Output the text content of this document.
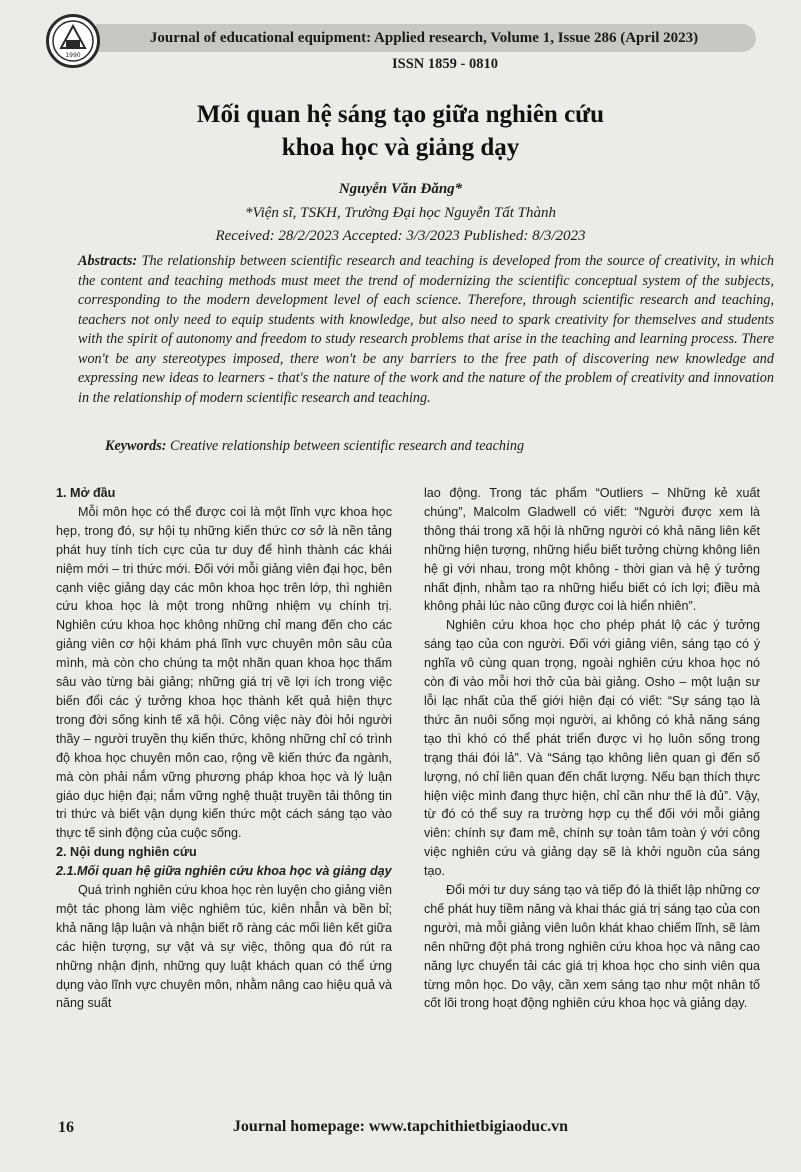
1990
Journal of educational equipment: Applied research, Volume 1, Issue 286 (April 2023)
ISSN 1859 - 0810
Mối quan hệ sáng tạo giữa nghiên cứu
khoa học và giảng dạy
Nguyễn Văn Đăng*
*Viện sĩ, TSKH, Trường Đại học Nguyễn Tất Thành
Received: 28/2/2023 Accepted: 3/3/2023 Published: 8/3/2023
Abstracts: The relationship between scientific research and teaching is developed from the source of creativity, in which the content and teaching methods must meet the trend of modernizing the scientific conceptual system of the subjects, corresponding to the modern development level of each science. Therefore, through scientific research and teaching, teachers not only need to equip students with knowledge, but also need to spark creativity for themselves and students with the spirit of autonomy and freedom to study research problems that arise in the teaching and learning process. There won't be any stereotypes imposed, there won't be any barriers to the free path of discovering new knowledge and expressing new ideas to learners - that's the nature of the work and the nature of the problem of creativity and innovation in the relationship of modern scientific research and teaching.
Keywords: Creative relationship between scientific research and teaching
1. Mở đầu

Mỗi môn học có thể được coi là một lĩnh vực khoa học hẹp, trong đó, sự hội tụ những kiến thức cơ sở là nền tảng phát huy tính tích cực của tư duy để hình thành các khái niệm mới – tri thức mới. Đối với mỗi giảng viên đại học, bên cạnh việc giảng dạy các môn khoa học trên lớp, thì nghiên cứu khoa học là một trong những nhiệm vụ chính trị. Nghiên cứu khoa học không những chỉ mang đến cho các giảng viên cơ hội khám phá lĩnh vực chuyên môn sâu của mình, mà còn cho chúng ta một nhãn quan khoa học thấm sâu vào từng bài giảng; những giá trị về lợi ích trong việc biến đổi các ý tưởng khoa học thành kết quả hiện thực trong đời sống kinh tế xã hội. Công việc này đòi hỏi người thầy – người truyền thụ kiến thức, không những chỉ có trình độ khoa học chuyên môn cao, rộng về kiến thức đa ngành, mà còn phải nắm vững phương pháp khoa học và lý luận giáo dục hiện đại; nắm vững nghệ thuật truyền tải thông tin tri thức và biết vận dụng kiến thức một cách sáng tạo vào thực tế sinh động của cuộc sống.

2. Nội dung nghiên cứu
2.1.Mối quan hệ giữa nghiên cứu khoa học và giảng dạy

Quá trình nghiên cứu khoa học rèn luyện cho giảng viên một tác phong làm việc nghiêm túc, kiên nhẫn và bền bỉ; khả năng lập luận và nhận biết rõ ràng các mối liên kết giữa các hiện tượng, sự vật và sự việc, thông qua đó rút ra những nhận định, những quy luật khách quan có thể ứng dụng vào lĩnh vực chuyên môn, nhằm nâng cao hiệu quả và năng suất

lao động. Trong tác phẩm “Outliers – Những kẻ xuất chúng”, Malcolm Gladwell có viết: “Người được xem là thông thái trong xã hội là những người có khả năng liên kết những hiện tượng, những hiểu biết tưởng chừng không liên hệ gì với nhau, trong một không - thời gian và hệ ý tưởng nhất định, nhằm tạo ra những hiểu biết có ích lợi; điều mà không phải lúc nào cũng được coi là hiển nhiên”.

Nghiên cứu khoa học cho phép phát lộ các ý tưởng sáng tạo của con người. Đối với giảng viên, sáng tạo có ý nghĩa vô cùng quan trọng, ngoài nghiên cứu khoa học nó còn đi vào mỗi hơi thở của bài giảng. Osho – một luận sư lỗi lạc nhất của thế giới hiện đại có viết: “Sự sáng tạo là thức ăn nuôi sống mọi người, ai không có khả năng sáng tạo thì khó có thể phát triển được vì họ luôn sống trong trạng thái đói lả”. Và “Sáng tạo không liên quan gì đến số lượng, nó chỉ liên quan đến chất lượng. Nếu bạn thích thực hiện việc mình đang thực hiện, chỉ cần như thế là đủ”. Vậy, từ đó có thể suy ra trường hợp cụ thể đối với mỗi giảng viên: chính sự đam mê, chính sự toàn tâm toàn ý với công việc nghiên cứu và giảng dạy sẽ là khởi nguồn của sáng tạo.

Đổi mới tư duy sáng tạo và tiếp đó là thiết lập những cơ chế phát huy tiềm năng và khai thác giá trị sáng tạo của con người, mà mỗi giảng viên luôn khát khao chiếm lĩnh, sẽ làm nên những đột phá trong nghiên cứu khoa học và nâng cao năng lực chuyển tải các giá trị khoa học cho sinh viên qua từng môn học. Do vậy, cần xem sáng tạo như một nhân tố cốt lõi trong hoạt động nghiên cứu khoa học và giảng dạy.

16	Journal homepage: www.tapchithietbigiaoduc.vn
